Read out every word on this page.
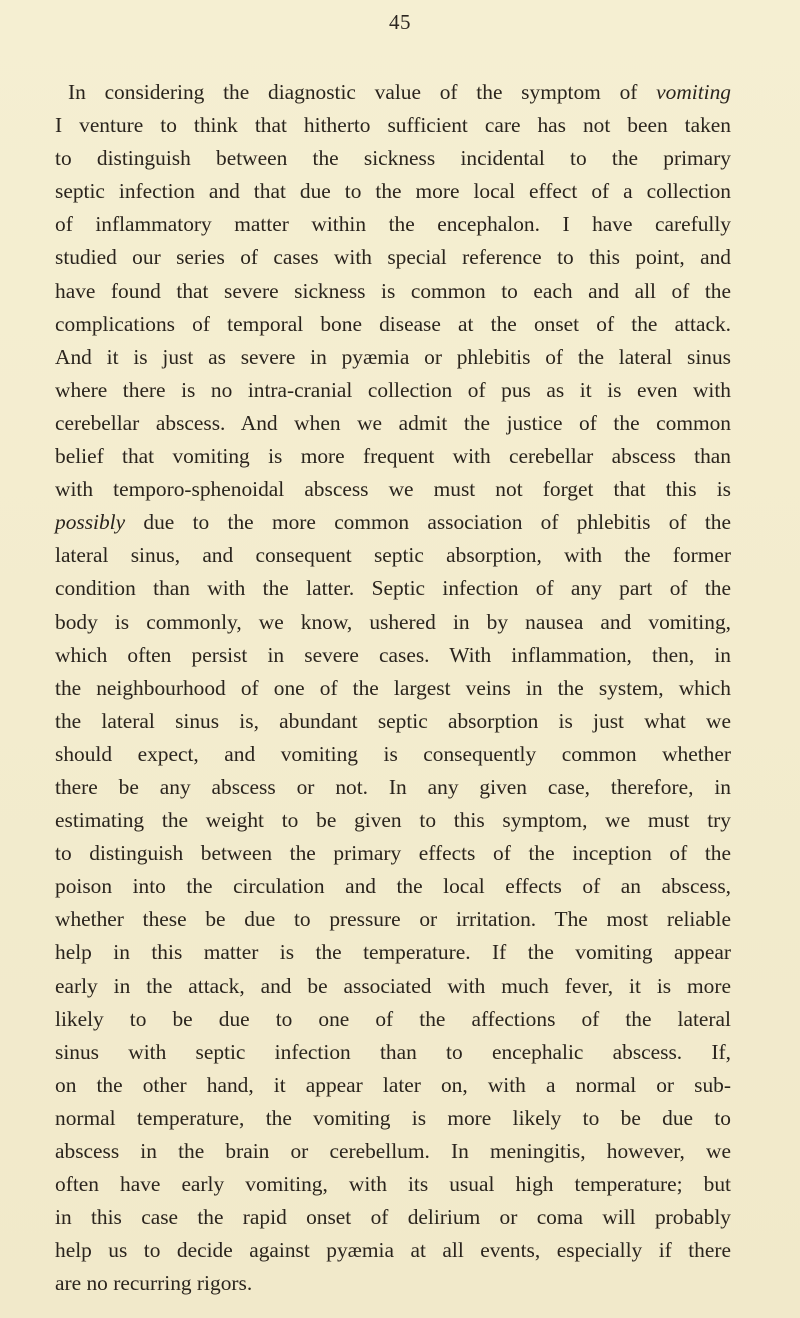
45
In considering the diagnostic value of the symptom of vomiting
I venture to think that hitherto sufficient care has not been taken
to distinguish between the sickness incidental to the primary
septic infection and that due to the more local effect of a collection
of inflammatory matter within the encephalon. I have carefully
studied our series of cases with special reference to this point, and
have found that severe sickness is common to each and all of the
complications of temporal bone disease at the onset of the attack.
And it is just as severe in pyæmia or phlebitis of the lateral sinus
where there is no intra-cranial collection of pus as it is even with
cerebellar abscess. And when we admit the justice of the common
belief that vomiting is more frequent with cerebellar abscess than
with temporo-sphenoidal abscess we must not forget that this is
possibly due to the more common association of phlebitis of the
lateral sinus, and consequent septic absorption, with the former
condition than with the latter. Septic infection of any part of the
body is commonly, we know, ushered in by nausea and vomiting,
which often persist in severe cases. With inflammation, then, in
the neighbourhood of one of the largest veins in the system, which
the lateral sinus is, abundant septic absorption is just what we
should expect, and vomiting is consequently common whether
there be any abscess or not. In any given case, therefore, in
estimating the weight to be given to this symptom, we must try
to distinguish between the primary effects of the inception of the
poison into the circulation and the local effects of an abscess,
whether these be due to pressure or irritation. The most reliable
help in this matter is the temperature. If the vomiting appear
early in the attack, and be associated with much fever, it is more
likely to be due to one of the affections of the lateral
sinus with septic infection than to encephalic abscess. If,
on the other hand, it appear later on, with a normal or sub-
normal temperature, the vomiting is more likely to be due to
abscess in the brain or cerebellum. In meningitis, however, we
often have early vomiting, with its usual high temperature; but
in this case the rapid onset of delirium or coma will probably
help us to decide against pyæmia at all events, especially if there
are no recurring rigors.
